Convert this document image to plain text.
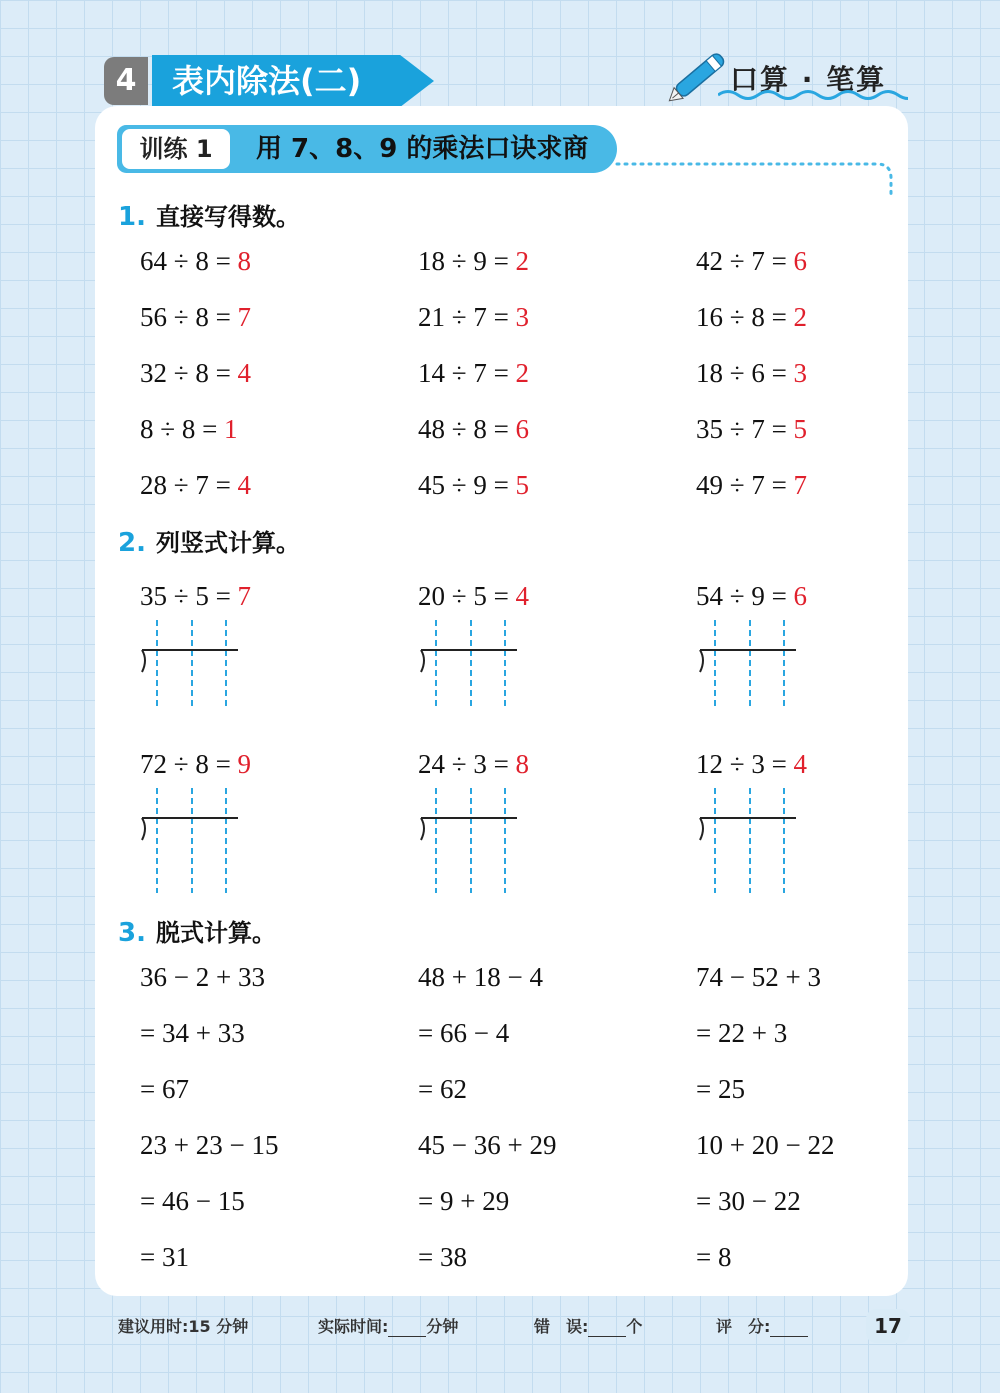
4	表内除法(二)	口算 · 笔算
训练 1	用 7、8、9 的乘法口诀求商
1. 直接写得数。
64 ÷ 8 = 8	18 ÷ 9 = 2	42 ÷ 7 = 6
56 ÷ 8 = 7	21 ÷ 7 = 3	16 ÷ 8 = 2
32 ÷ 8 = 4	14 ÷ 7 = 2	18 ÷ 6 = 3
8 ÷ 8 = 1	48 ÷ 8 = 6	35 ÷ 7 = 5
28 ÷ 7 = 4	45 ÷ 9 = 5	49 ÷ 7 = 7
2. 列竖式计算。
35 ÷ 5 = 7	20 ÷ 5 = 4	54 ÷ 9 = 6
72 ÷ 8 = 9	24 ÷ 3 = 8	12 ÷ 3 = 4
3. 脱式计算。
36 − 2 + 33
= 34 + 33
= 67
48 + 18 − 4
= 66 − 4
= 62
74 − 52 + 3
= 22 + 3
= 25
23 + 23 − 15
= 46 − 15
= 31
45 − 36 + 29
= 9 + 29
= 38
10 + 20 − 22
= 30 − 22
= 8
建议用时:15 分钟	实际时间: 分钟	错　误: 个	评　分:	17
